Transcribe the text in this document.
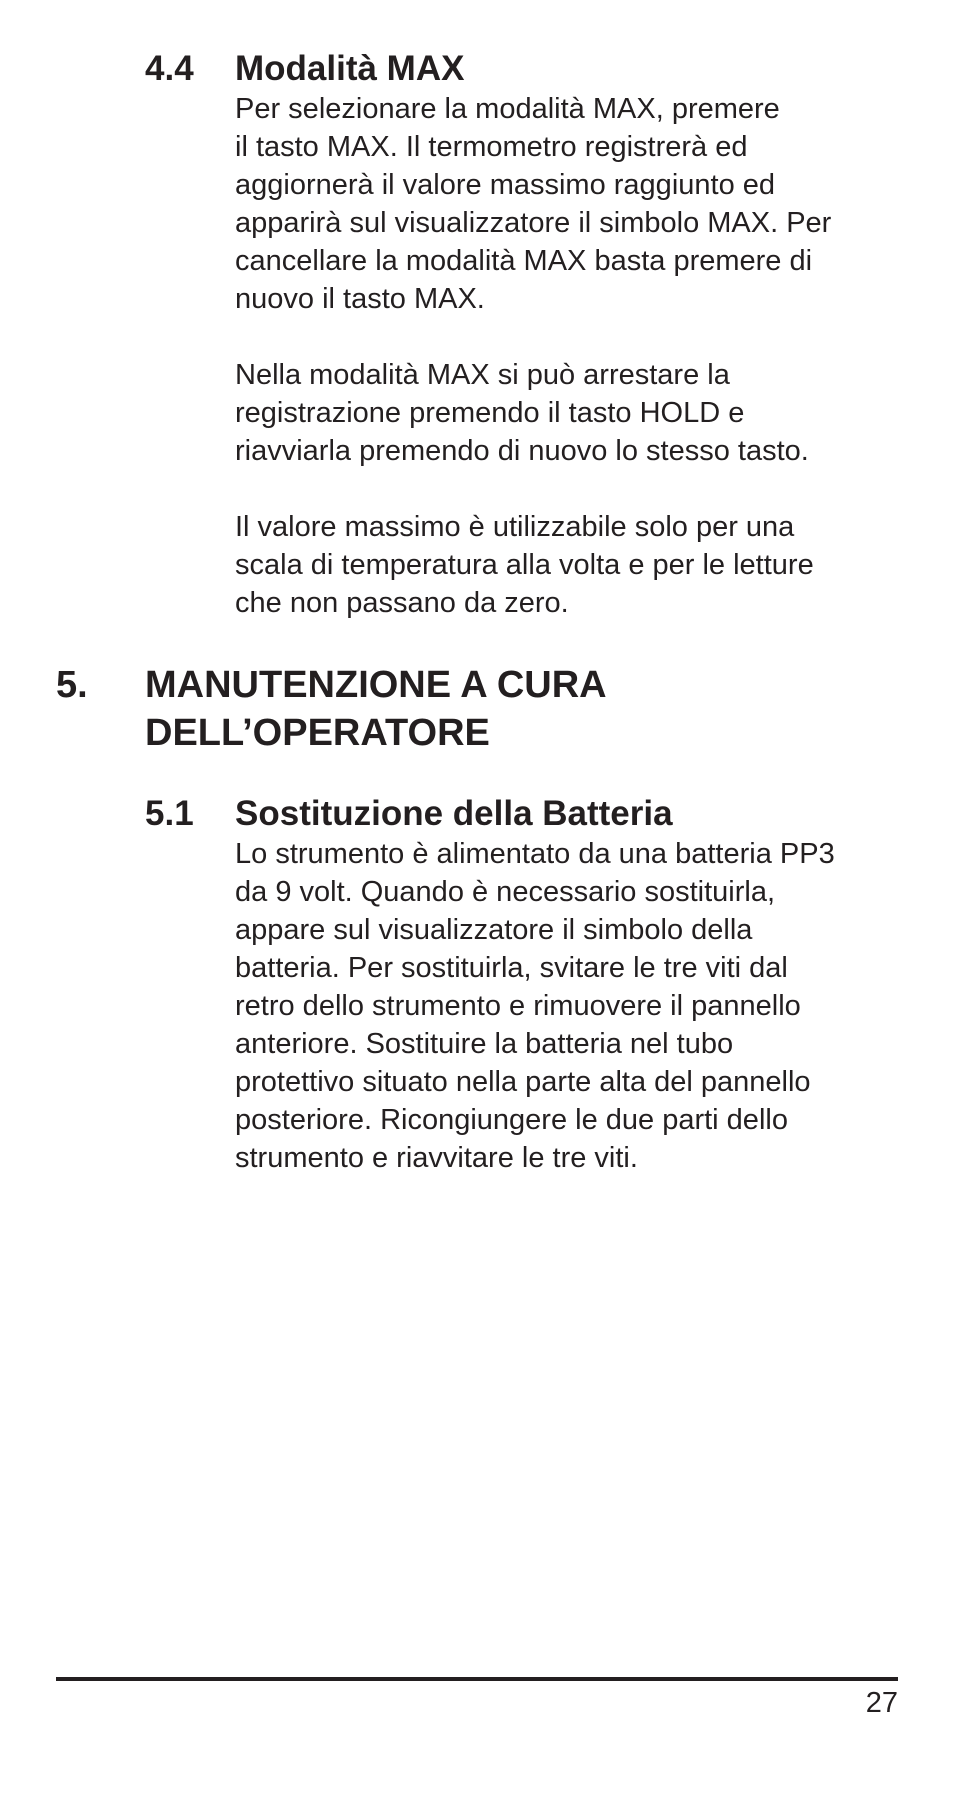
4.4 Modalità MAX

Per selezionare la modalità MAX, premere
il tasto MAX. Il termometro registrerà ed
aggiornerà il valore massimo raggiunto ed
apparirà sul visualizzatore il simbolo MAX. Per
cancellare la modalità MAX basta premere di
nuovo il tasto MAX.

Nella modalità MAX si può arrestare la
registrazione premendo il tasto HOLD e
riavviarla premendo di nuovo lo stesso tasto.

Il valore massimo è utilizzabile solo per una
scala di temperatura alla volta e per le letture
che non passano da zero.

5. MANUTENZIONE A CURA
DELL’OPERATORE
5.1 Sostituzione della Batteria

Lo strumento è alimentato da una batteria PP3
da 9 volt. Quando è necessario sostituirla,
appare sul visualizzatore il simbolo della
batteria. Per sostituirla, svitare le tre viti dal
retro dello strumento e rimuovere il pannello
anteriore. Sostituire la batteria nel tubo
protettivo situato nella parte alta del pannello
posteriore. Ricongiungere le due parti dello
strumento e riavvitare le tre viti.

27
